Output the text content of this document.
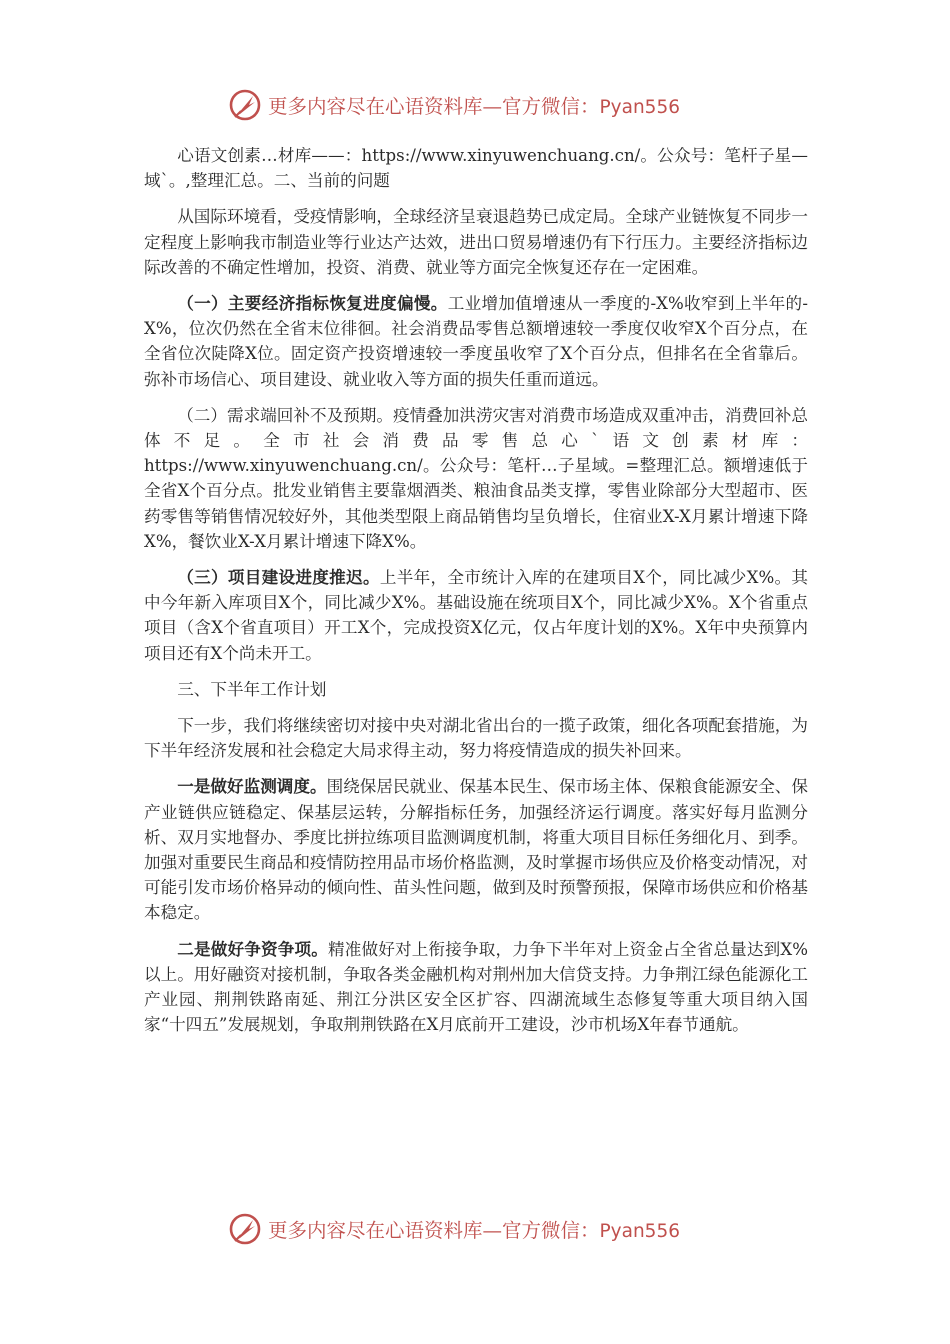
更多内容尽在心语资料库—官方微信：Pyan556

心语文创素…材库——：https://www.xinyuwenchuang.cn/。公众号：笔杆子星—域`。,整理汇总。二、当前的问题

从国际环境看，受疫情影响，全球经济呈衰退趋势已成定局。全球产业链恢复不同步一定程度上影响我市制造业等行业达产达效，进出口贸易增速仍有下行压力。主要经济指标边际改善的不确定性增加，投资、消费、就业等方面完全恢复还存在一定困难。

（一）主要经济指标恢复进度偏慢。工业增加值增速从一季度的-X%收窄到上半年的-X%，位次仍然在全省末位徘徊。社会消费品零售总额增速较一季度仅收窄X个百分点，在全省位次陡降X位。固定资产投资增速较一季度虽收窄了X个百分点，但排名在全省靠后。弥补市场信心、项目建设、就业收入等方面的损失任重而道远。

（二）需求端回补不及预期。疫情叠加洪涝灾害对消费市场造成双重冲击，消费回补总体不足。全市社会消费品零售总心`语文创素材库：https://www.xinyuwenchuang.cn/。公众号：笔杆…子星域。=整理汇总。额增速低于全省X个百分点。批发业销售主要靠烟酒类、粮油食品类支撑，零售业除部分大型超市、医药零售等销售情况较好外，其他类型限上商品销售均呈负增长，住宿业X-X月累计增速下降X%，餐饮业X-X月累计增速下降X%。

（三）项目建设进度推迟。上半年，全市统计入库的在建项目X个，同比减少X%。其中今年新入库项目X个，同比减少X%。基础设施在统项目X个，同比减少X%。X个省重点项目（含X个省直项目）开工X个，完成投资X亿元，仅占年度计划的X%。X年中央预算内项目还有X个尚未开工。

三、下半年工作计划

下一步，我们将继续密切对接中央对湖北省出台的一揽子政策，细化各项配套措施，为下半年经济发展和社会稳定大局求得主动，努力将疫情造成的损失补回来。

一是做好监测调度。围绕保居民就业、保基本民生、保市场主体、保粮食能源安全、保产业链供应链稳定、保基层运转，分解指标任务，加强经济运行调度。落实好每月监测分析、双月实地督办、季度比拼拉练项目监测调度机制，将重大项目目标任务细化月、到季。加强对重要民生商品和疫情防控用品市场价格监测，及时掌握市场供应及价格变动情况，对可能引发市场价格异动的倾向性、苗头性问题，做到及时预警预报，保障市场供应和价格基本稳定。

二是做好争资争项。精准做好对上衔接争取，力争下半年对上资金占全省总量达到X%以上。用好融资对接机制，争取各类金融机构对荆州加大信贷支持。力争荆江绿色能源化工产业园、荆荆铁路南延、荆江分洪区安全区扩容、四湖流域生态修复等重大项目纳入国家“十四五”发展规划，争取荆荆铁路在X月底前开工建设，沙市机场X年春节通航。

更多内容尽在心语资料库—官方微信：Pyan556
